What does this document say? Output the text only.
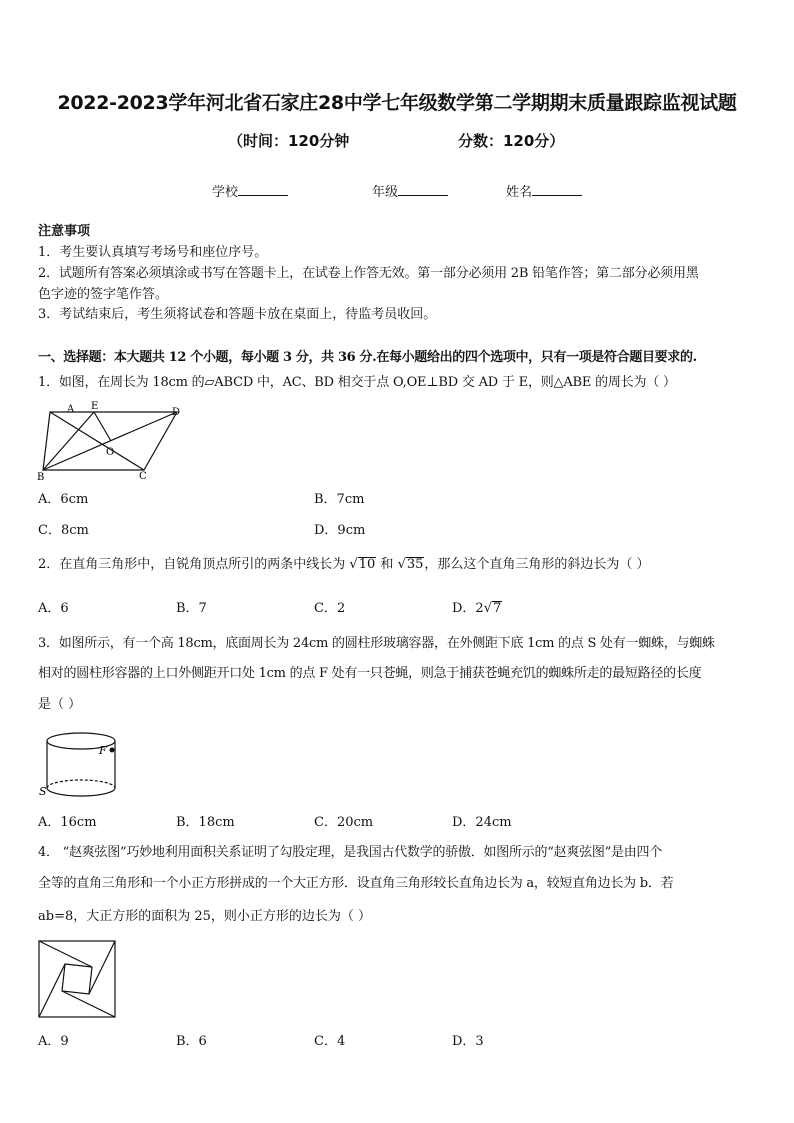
2022-2023学年河北省石家庄28中学七年级数学第二学期期末质量跟踪监视试题
（时间：120分钟	分数：120分）
学校	年级	姓名
注意事项
1．考生要认真填写考场号和座位序号。
2．试题所有答案必须填涂或书写在答题卡上，在试卷上作答无效。第一部分必须用 2B 铅笔作答；第二部分必须用黑
色字迹的签字笔作答。
3．考试结束后，考生须将试卷和答题卡放在桌面上，待监考员收回。
一、选择题：本大题共 12 个小题，每小题 3 分，共 36 分.在每小题给出的四个选项中，只有一项是符合题目要求的.
1．如图，在周长为 18cm 的▱ABCD 中，AC、BD 相交于点 O,OE⊥BD 交 AD 于 E，则△ABE 的周长为（ ）
A E
D
O
B	C
A．6cm	B．7cm
C．8cm	D．9cm
2．在直角三角形中，自锐角顶点所引的两条中线长为 √10 和 √35，那么这个直角三角形的斜边长为（ ）
A．6	B．7	C．2	D．2√7
3．如图所示，有一个高 18cm，底面周长为 24cm 的圆柱形玻璃容器，在外侧距下底 1cm 的点 S 处有一蜘蛛，与蜘蛛
相对的圆柱形容器的上口外侧距开口处 1cm 的点 F 处有一只苍蝇，则急于捕获苍蝇充饥的蜘蛛所走的最短路径的长度
是（ ）
F
S
A．16cm	B．18cm	C．20cm	D．24cm
4． “赵爽弦图”巧妙地利用面积关系证明了勾股定理，是我国古代数学的骄傲．如图所示的“赵爽弦图”是由四个
全等的直角三角形和一个小正方形拼成的一个大正方形．设直角三角形较长直角边长为 a，较短直角边长为 b．若
ab=8，大正方形的面积为 25，则小正方形的边长为（ ）
A．9	B．6	C．4	D．3
